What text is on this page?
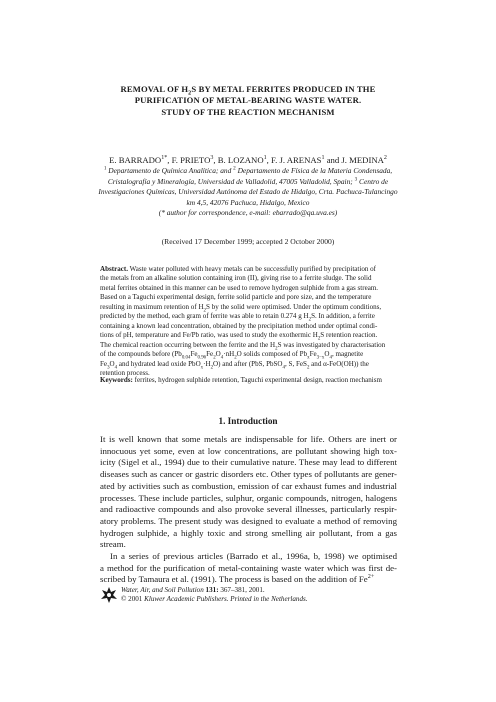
REMOVAL OF $H_2S$ BY METAL FERRITES PRODUCED IN THE
PURIFICATION OF METAL-BEARING WASTE WATER.
STUDY OF THE REACTION MECHANISM
E. $BARRADO^{1*}$, F. PRIETO$^3$, B. LOZANO$^1$, F. J. ARENAS$^1$ and J. MEDINA$^2$
$^1$ Departamento de Química Analítica; and $^2$ Departamento de Física de la Materia Condensada,
Cristalografía y Mineralogía, Universidad de Valladolid, 47005 Valladolid, Spain; $^3$ Centro de
Investigaciones Químicas, Universidad Autónoma del Estado de Hidalgo, Crta. Pachuca-Tulancingo
km 4,5, 42076 Pachuca, Hidalgo, Mexico
(* author for correspondence, e-mail: ebarrado@qa.uva.es)
(Received 17 December 1999; accepted 2 October 2000)
Abstract. Waste water polluted with heavy metals can be successfully purified by precipitation of
the metals from an alkaline solution containing iron (II), giving rise to a ferrite sludge. The solid
metal ferrites obtained in this manner can be used to remove hydrogen sulphide from a gas stream.
Based on a Taguchi experimental design, ferrite solid particle and pore size, and the temperature
resulting in maximum retention of $H_2S$ by the solid were optimised. Under the optimum conditions,
predicted by the method, each gram of ferrite was able to retain 0.274 g $H_2S$. In addition, a ferrite
containing a known lead concentration, obtained by the precipitation method under optimal condi-
tions of pH, temperature and Fe/Pb ratio, was used to study the exothermic $H_2S$ retention reaction.
The chemical reaction occurring between the ferrite and the $H_2S$ was investigated by characterisation
of the compounds before ($Pb_{0.04}Fe_{0.96}Fe_2O_4\cdot nH_2O$ solids composed of $Pb_xFe_{3-x}O_4$, magnetite
$Fe_3O_4$ and hydrated lead oxide $PbO_x\cdot H_2O$) and after (PbS, PbSO$_4$, S, FeS$_2$ and α-FeO(OH)) the
retention process.
Keywords: ferrites, hydrogen sulphide retention, Taguchi experimental design, reaction mechanism
1. Introduction

It is well known that some metals are indispensable for life. Others are inert or
innocuous yet some, even at low concentrations, are pollutant showing high tox-
icity (Sigel et al., 1994) due to their cumulative nature. These may lead to different
diseases such as cancer or gastric disorders etc. Other types of pollutants are gener-
ated by activities such as combustion, emission of car exhaust fumes and industrial
processes. These include particles, sulphur, organic compounds, nitrogen, halogens
and radioactive compounds and also provoke several illnesses, particularly respir-
atory problems. The present study was designed to evaluate a method of removing
hydrogen sulphide, a highly toxic and strong smelling air pollutant, from a gas
stream.

In a series of previous articles (Barrado et al., 1996a, b, 1998) we optimised
a method for the purification of metal-containing waste water which was first de-
scribed by Tamaura et al. (1991). The process is based on the addition of $Fe^{2+}$

Water, Air, and Soil Pollution 131: 367–381, 2001.
© 2001 Kluwer Academic Publishers. Printed in the Netherlands.
